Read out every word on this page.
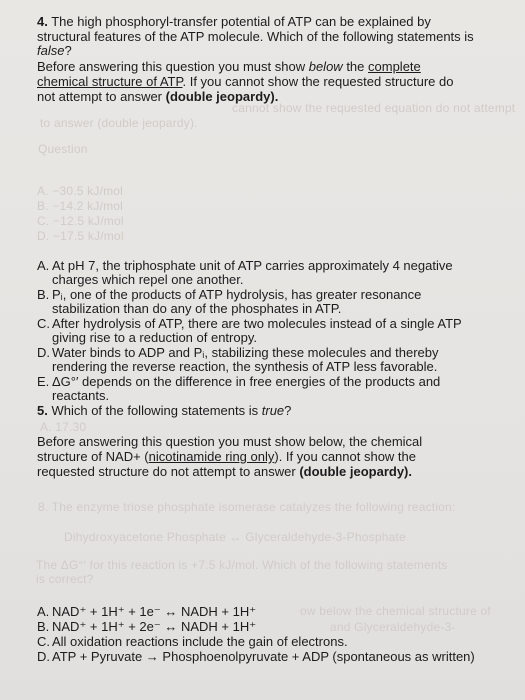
cannot show the requested equation do not attempt
to answer (double jeopardy).
Question
A. −30.5 kJ/mol
B. −14.2 kJ/mol
C. −12.5 kJ/mol
D. −17.5 kJ/mol
A. 17.30
8. The enzyme triose phosphate isomerase catalyzes the following reaction:
Dihydroxyacetone Phosphate ↔ Glyceraldehyde-3-Phosphate
The ΔG°′ for this reaction is +7.5 kJ/mol. Which of the following statements
is correct?
ow below the chemical structure of
and Glyceraldehyde-3-
4. The high phosphoryl-transfer potential of ATP can be explained by structural features of the ATP molecule. Which of the following statements is false?
Before answering this question you must show below the complete chemical structure of ATP. If you cannot show the requested structure do not attempt to answer (double jeopardy).
A. At pH 7, the triphosphate unit of ATP carries approximately 4 negative charges which repel one another.
B. Pᵢ, one of the products of ATP hydrolysis, has greater resonance stabilization than do any of the phosphates in ATP.
C. After hydrolysis of ATP, there are two molecules instead of a single ATP giving rise to a reduction of entropy.
D. Water binds to ADP and Pᵢ, stabilizing these molecules and thereby rendering the reverse reaction, the synthesis of ATP less favorable.
E. ΔG°′ depends on the difference in free energies of the products and reactants.
5. Which of the following statements is true?
Before answering this question you must show below, the chemical structure of NAD+ (nicotinamide ring only). If you cannot show the requested structure do not attempt to answer (double jeopardy).
A. NAD⁺ + 1H⁺ + 1e⁻ ↔ NADH + 1H⁺
B. NAD⁺ + 1H⁺ + 2e⁻ ↔ NADH + 1H⁺
C. All oxidation reactions include the gain of electrons.
D. ATP + Pyruvate → Phosphoenolpyruvate + ADP (spontaneous as written)
